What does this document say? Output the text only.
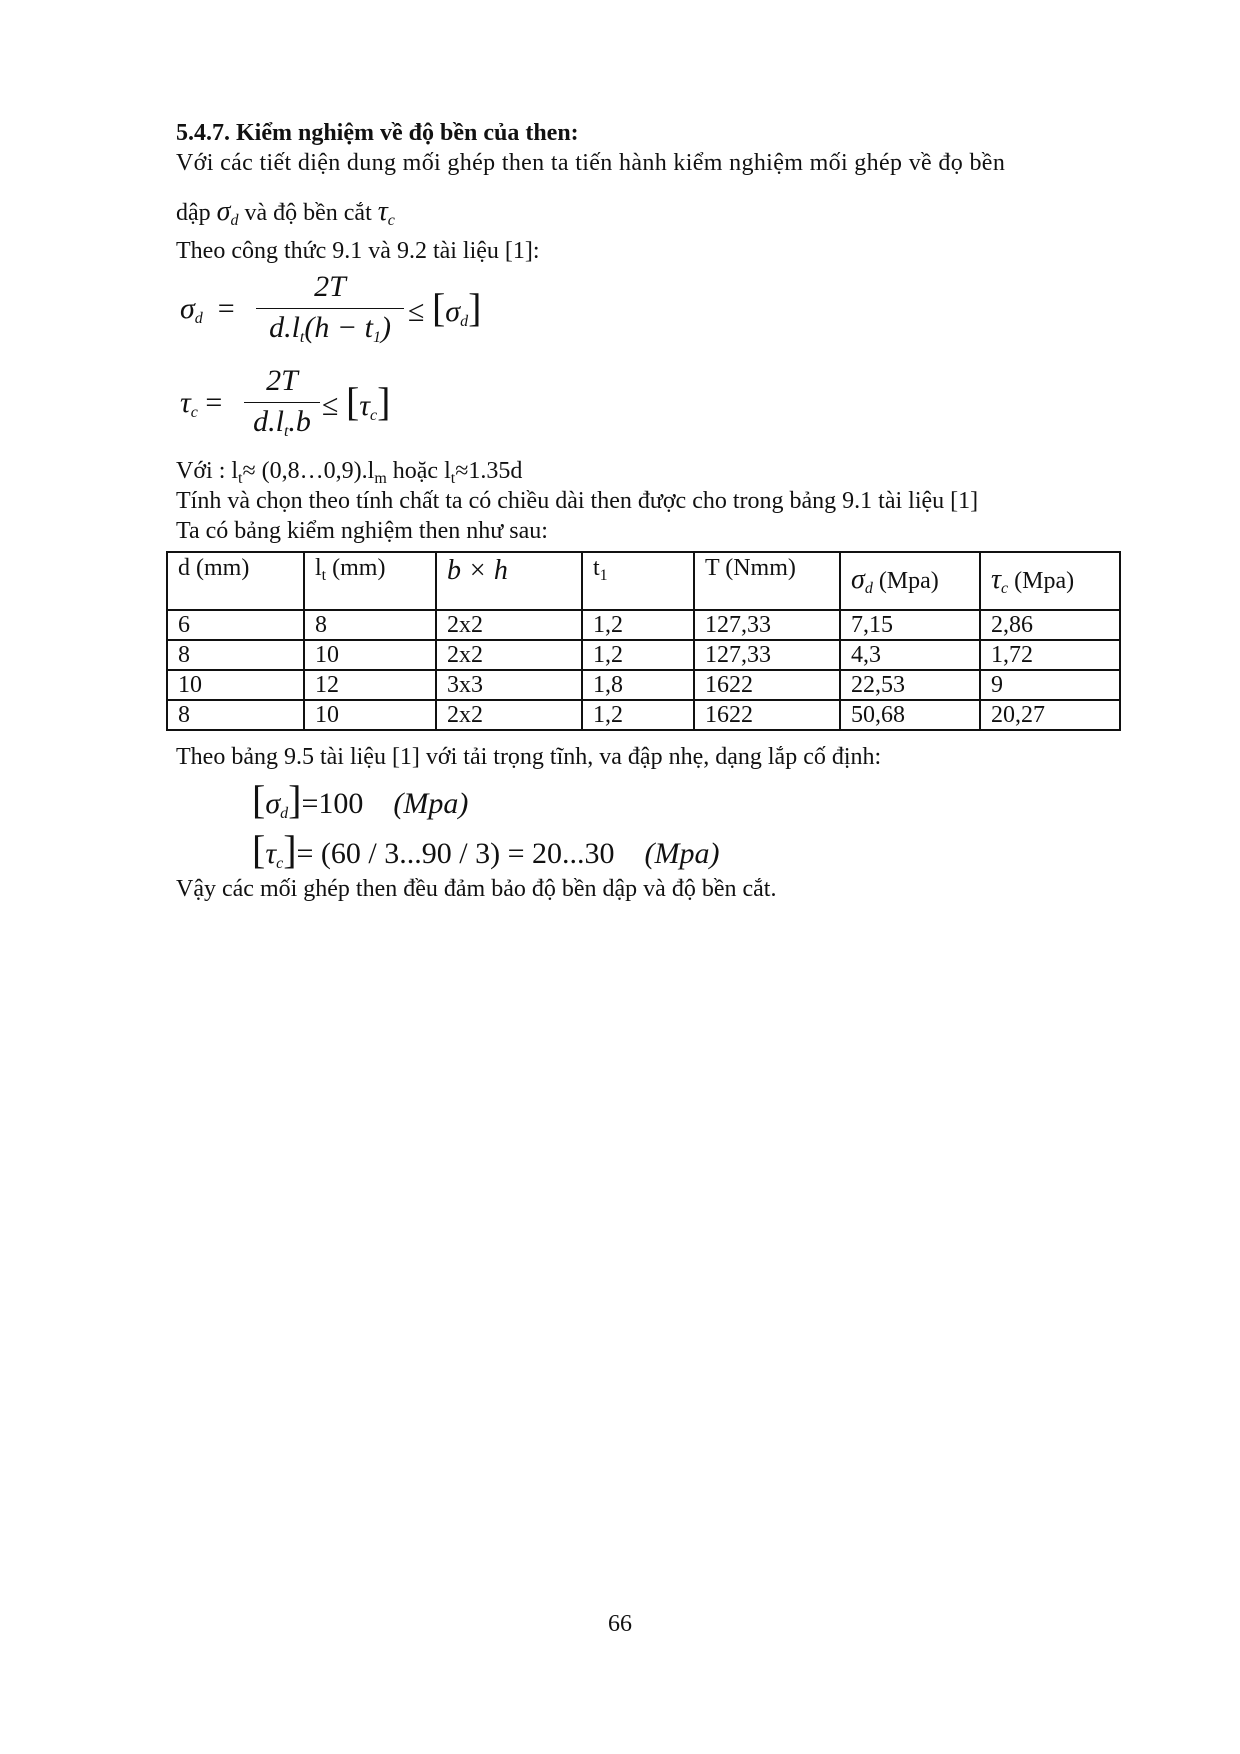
5.4.7. Kiểm nghiệm về độ bền của then:
Với các tiết diện dung mối ghép then ta tiến hành kiểm nghiệm mối ghép về đọ bền
dập $\sigma_d$ và độ bền cắt $\tau_c$
Theo công thức 9.1 và 9.2 tài liệu [1]:
$\sigma_d$  =
2T
$d.l_t(h - t1) \le [\sigma_d]$
$\tau_c$ =
2T
$d.l_t.b \le [\tau_c]$
Với : $l_t\approx$ $(0,8\dots 0,9).l_m$ hoặc $l_t\approx 1.35d$
Tính và chọn theo tính chất ta có chiều dài then được cho trong bảng 9.1 tài liệu [1]
Ta có bảng kiểm nghiệm then như sau:
d (mm)	$l_t$ (mm)	b × h	$t_1$	T (Nmm)	$\sigma_d$ (Mpa)	$\tau_c$ (Mpa)
6	8	2x2	1,2	127,33	7,15	2,86
8	10	2x2	1,2	127,33	4,3	1,72
10	12	3x3	1,8	1622	22,53	9
8	10	2x2	1,2	1622	50,68	20,27
Theo bảng 9.5 tài liệu [1] với tải trọng tĩnh, va đập nhẹ, dạng lắp cố định:
$[\sigma_d]=100$ (Mpa)
$[\tau_c]= (60 / 3...90 / 3) = 20...30$ (Mpa)
Vậy các mối ghép then đều đảm bảo độ bền dập và độ bền cắt.
66
